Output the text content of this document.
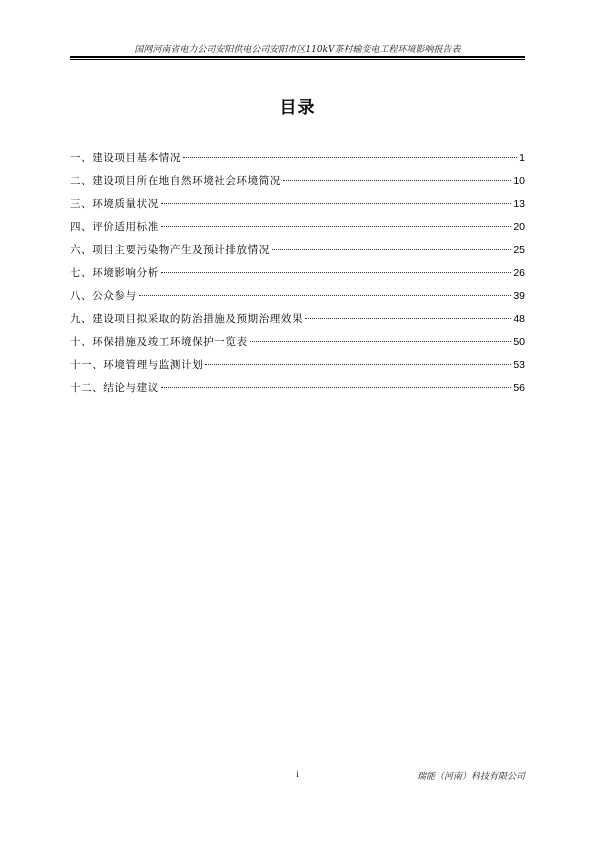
国网河南省电力公司安阳供电公司安阳市区110kV茶村输变电工程环境影响报告表
目录
一、建设项目基本情况	1
二、建设项目所在地自然环境社会环境简况	10
三、环境质量状况	13
四、评价适用标准	20
六、项目主要污染物产生及预计排放情况	25
七、环境影响分析	26
八、公众参与	39
九、建设项目拟采取的防治措施及预期治理效果	48
十、环保措施及竣工环境保护一览表	50
十一、环境管理与监测计划	53
十二、结论与建议	56
i	瑞能（河南）科技有限公司
